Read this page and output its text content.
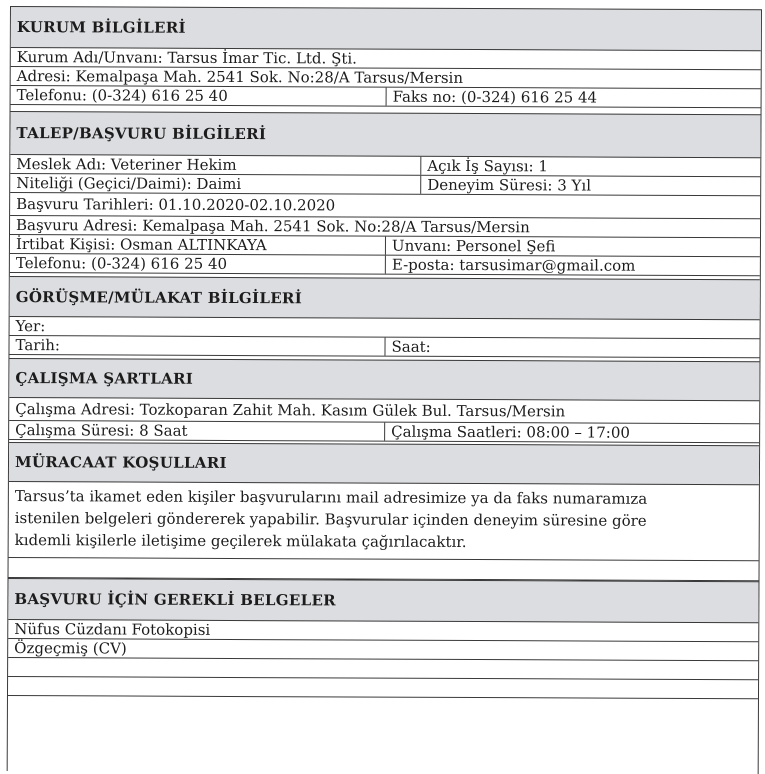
KURUM BİLGİLERİ
Kurum Adı/Unvanı: Tarsus İmar Tic. Ltd. Şti.
Adresi: Kemalpaşa Mah. 2541 Sok. No:28/A Tarsus/Mersin
Telefonu: (0-324) 616 25 40	Faks no: (0-324) 616 25 44
TALEP/BAŞVURU BİLGİLERİ
Meslek Adı: Veteriner Hekim	Açık İş Sayısı: 1
Niteliği (Geçici/Daimi): Daimi	Deneyim Süresi: 3 Yıl
Başvuru Tarihleri: 01.10.2020-02.10.2020
Başvuru Adresi: Kemalpaşa Mah. 2541 Sok. No:28/A Tarsus/Mersin
İrtibat Kişisi: Osman ALTINKAYA	Unvanı: Personel Şefi
Telefonu: (0-324) 616 25 40	E-posta: tarsusimar@gmail.com
GÖRÜŞME/MÜLAKAT BİLGİLERİ
Yer:
Tarih:	Saat:
ÇALIŞMA ŞARTLARI
Çalışma Adresi: Tozkoparan Zahit Mah. Kasım Gülek Bul. Tarsus/Mersin
Çalışma Süresi: 8 Saat	Çalışma Saatleri: 08:00 – 17:00
MÜRACAAT KOŞULLARI
Tarsus’ta ikamet eden kişiler başvurularını mail adresimize ya da faks numaramıza
istenilen belgeleri göndererek yapabilir. Başvurular içinden deneyim süresine göre
kıdemli kişilerle iletişime geçilerek mülakata çağırılacaktır.
BAŞVURU İÇİN GEREKLİ BELGELER
Nüfus Cüzdanı Fotokopisi
Özgeçmiş (CV)
